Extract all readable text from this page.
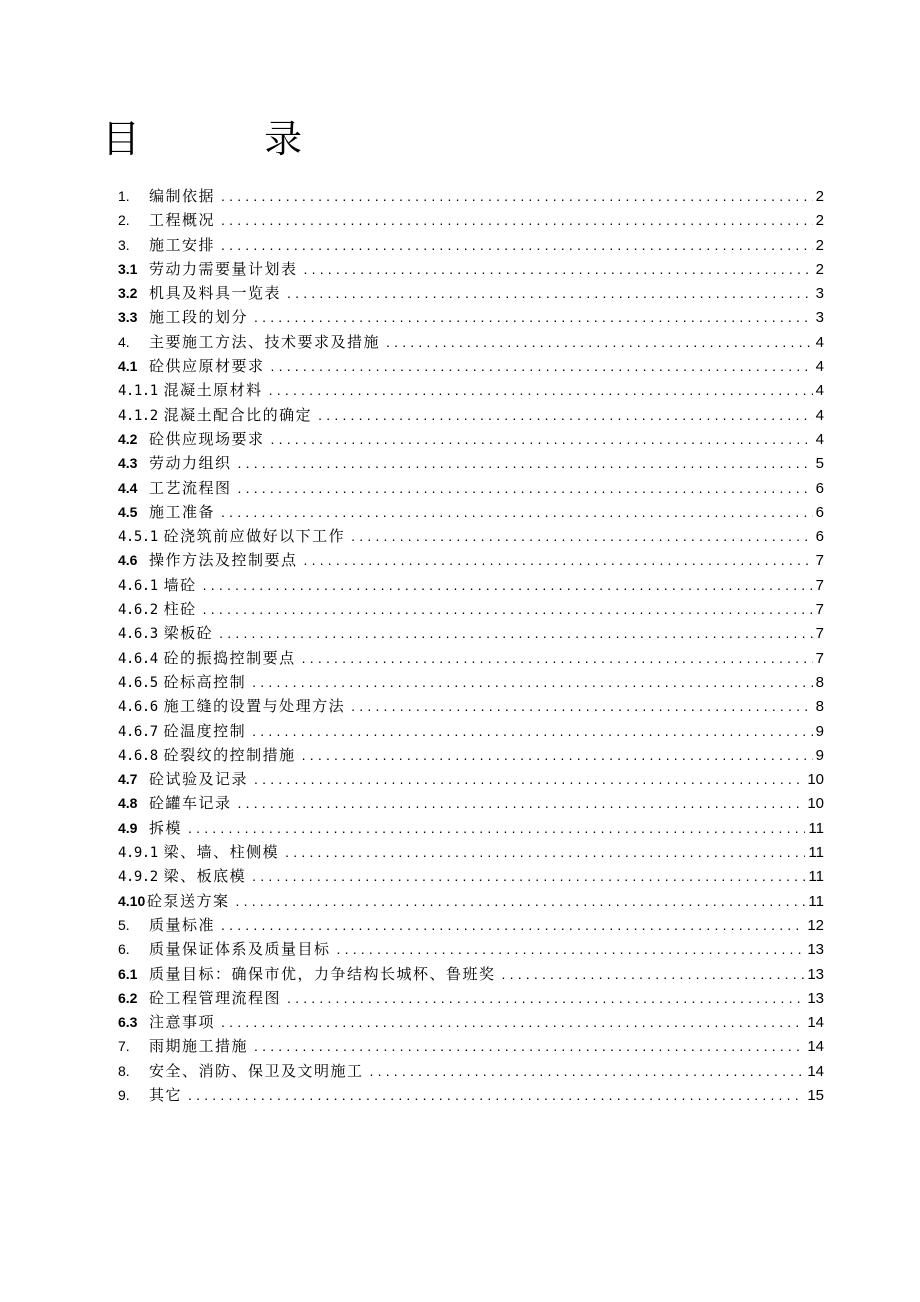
目 录
1.	编制依据 .....	2
2.	工程概况 .....	2
3.	施工安排 .....	2
3.1 劳动力需要量计划表 .....	2
3.2 机具及料具一览表 .....	3
3.3 施工段的划分 .....	3
4.	主要施工方法、技术要求及措施 .....	4
4.1 砼供应原材要求 .....	4
4.1.1 混凝土原材料 .....	4
4.1.2 混凝土配合比的确定 .....	4
4.2 砼供应现场要求 .....	4
4.3 劳动力组织 .....	5
4.4 工艺流程图 .....	6
4.5 施工准备 .....	6
4.5.1 砼浇筑前应做好以下工作 .....	6
4.6 操作方法及控制要点 .....	7
4.6.1 墙砼 .....	7
4.6.2 柱砼 .....	7
4.6.3 梁板砼 .....	7
4.6.4 砼的振捣控制要点 .....	7
4.6.5 砼标高控制 .....	8
4.6.6 施工缝的设置与处理方法 .....	8
4.6.7 砼温度控制 .....	9
4.6.8 砼裂纹的控制措施 .....	9
4.7 砼试验及记录 .....	10
4.8 砼罐车记录 .....	10
4.9 拆模 .....	11
4.9.1 梁、墙、柱侧模 .....	11
4.9.2 梁、板底模 .....	11
4.10 砼泵送方案 .....	11
5.	质量标准 .....	12
6.	质量保证体系及质量目标 .....	13
6.1 质量目标：确保市优，力争结构长城杯、鲁班奖 .....	13
6.2 砼工程管理流程图 .....	13
6.3 注意事项 .....	14
7.	雨期施工措施 .....	14
8.	安全、消防、保卫及文明施工 .....	14
9.	其它 .....	15
